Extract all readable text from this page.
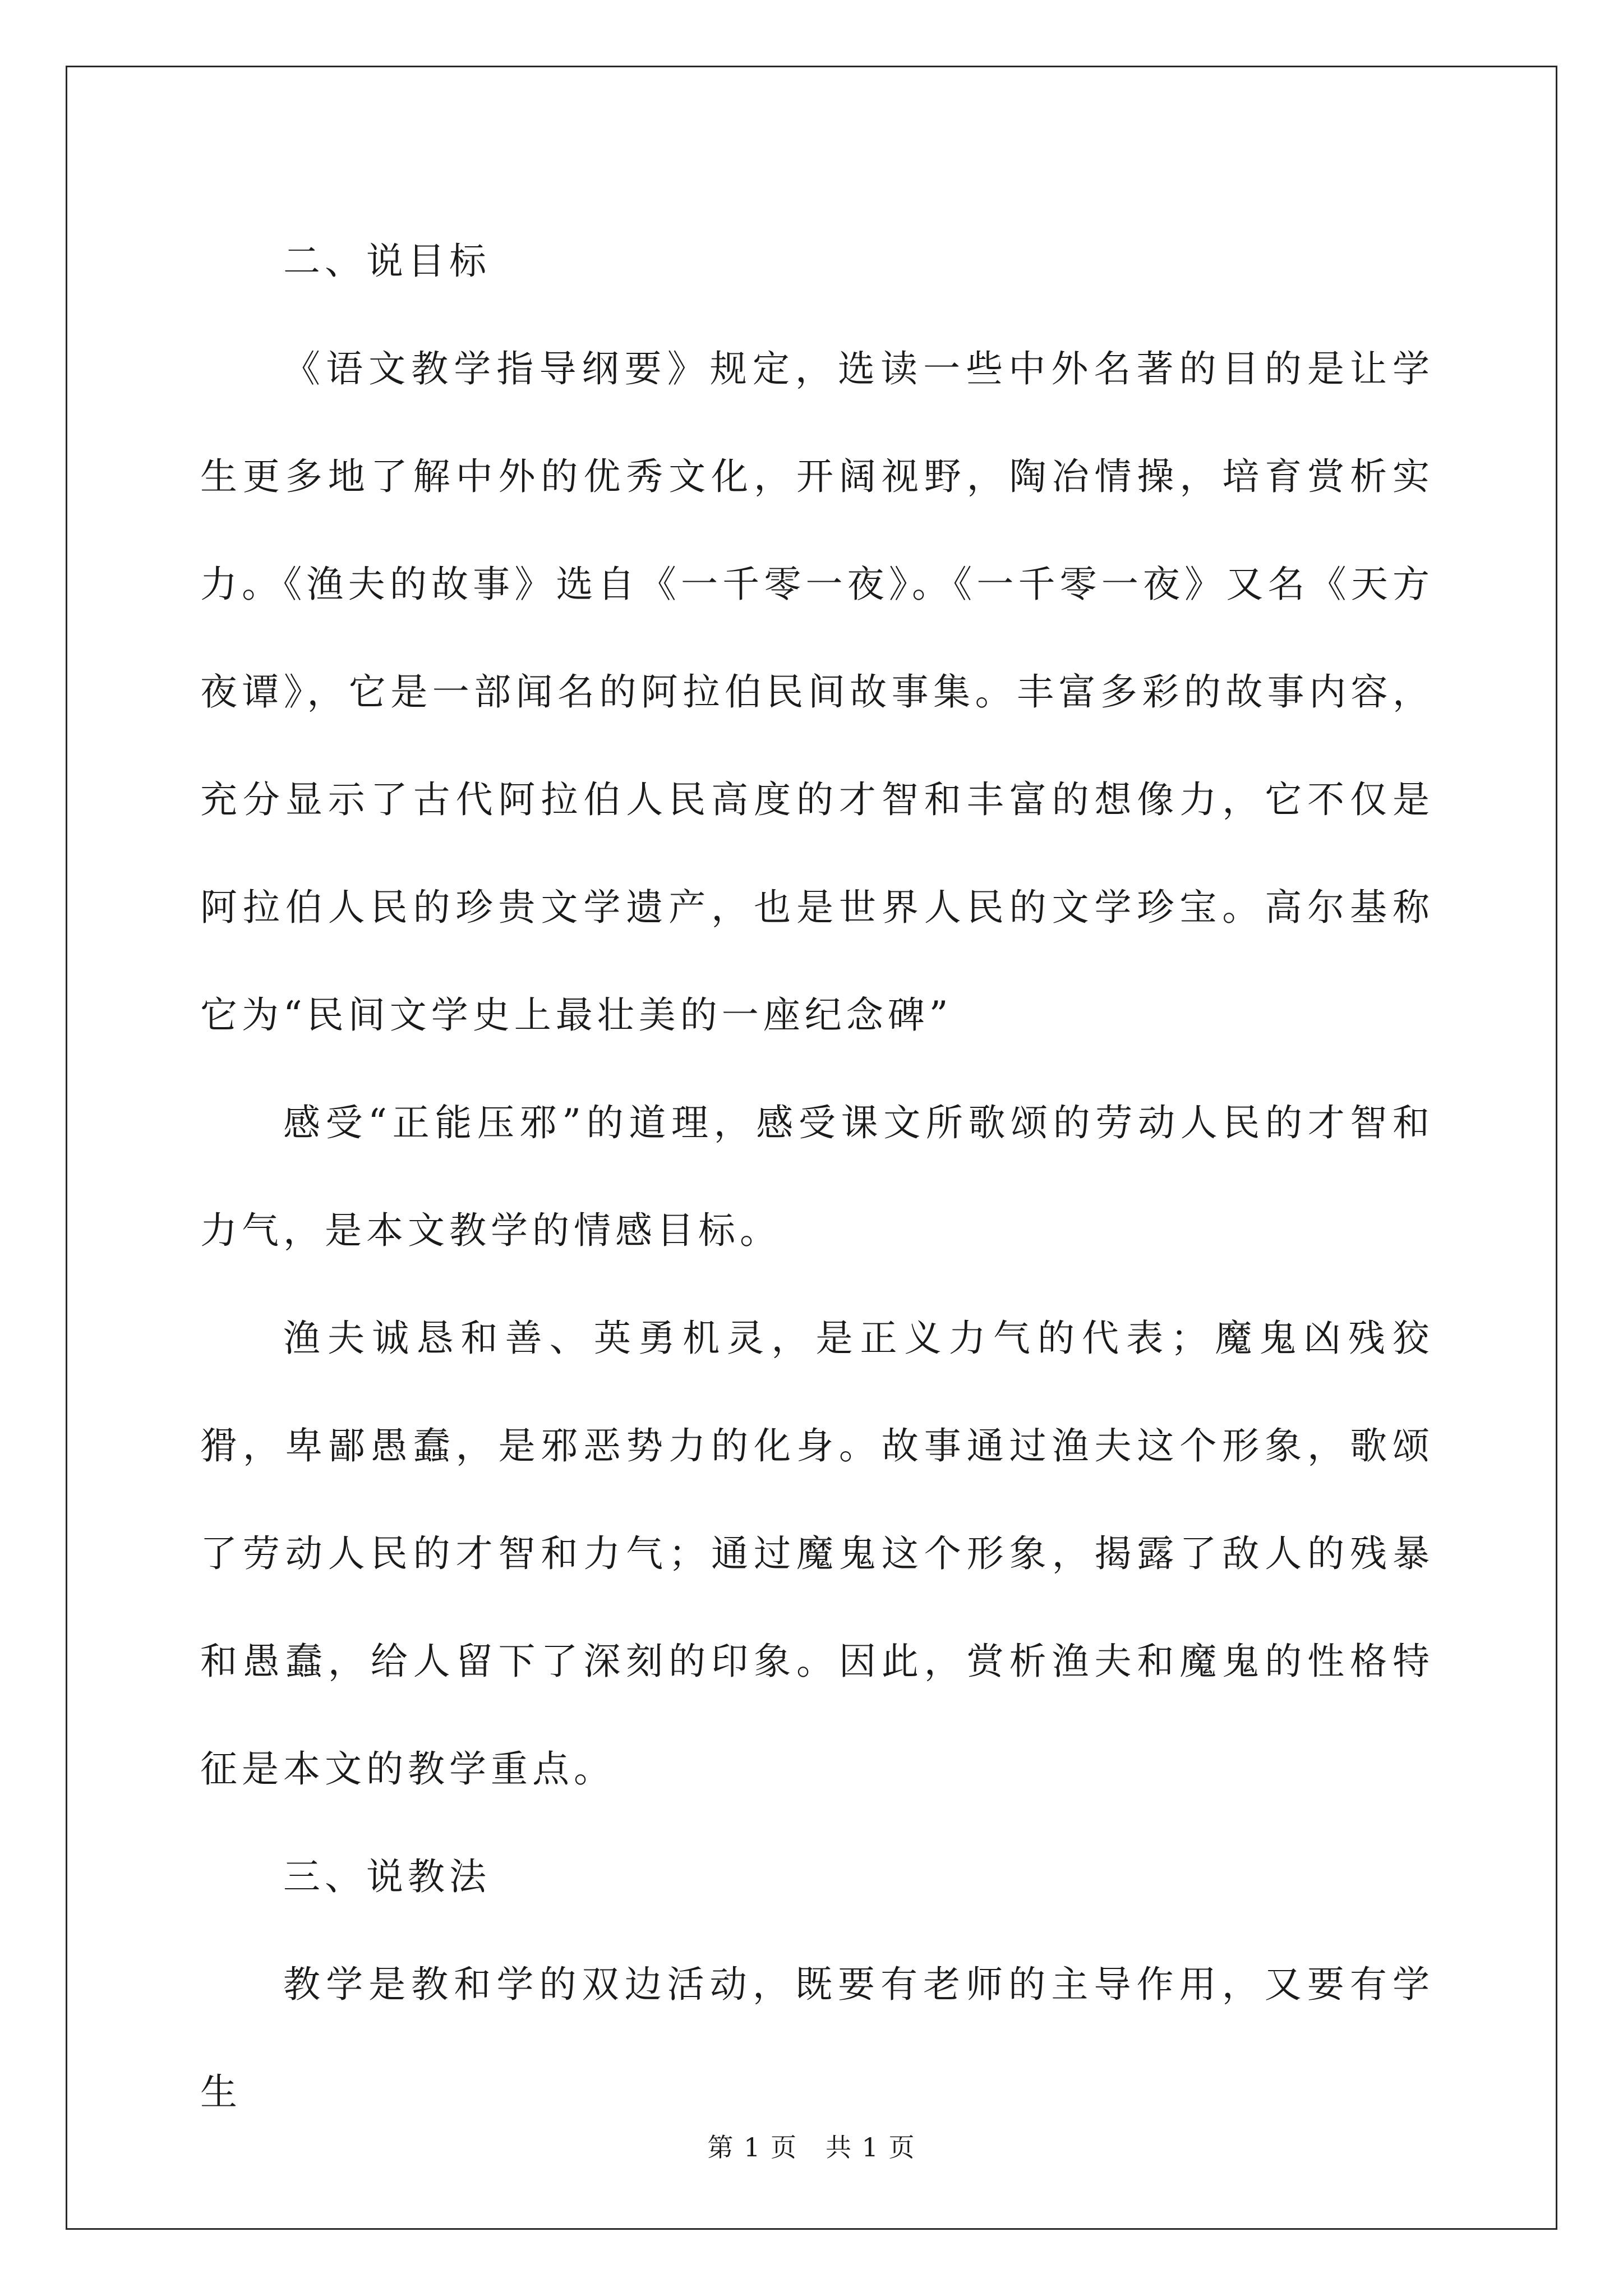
二、说目标

《语文教学指导纲要》规定，选读一些中外名著的目的是让学生更多地了解中外的优秀文化，开阔视野，陶冶情操，培育赏析实力。《渔夫的故事》选自《一千零一夜》。《一千零一夜》又名《天方夜谭》，它是一部闻名的阿拉伯民间故事集。丰富多彩的故事内容，充分显示了古代阿拉伯人民高度的才智和丰富的想像力，它不仅是阿拉伯人民的珍贵文学遗产，也是世界人民的文学珍宝。高尔基称它为“民间文学史上最壮美的一座纪念碑”

感受“正能压邪”的道理，感受课文所歌颂的劳动人民的才智和力气，是本文教学的情感目标。

渔夫诚恳和善、英勇机灵，是正义力气的代表；魔鬼凶残狡猾，卑鄙愚蠢，是邪恶势力的化身。故事通过渔夫这个形象，歌颂了劳动人民的才智和力气；通过魔鬼这个形象，揭露了敌人的残暴和愚蠢，给人留下了深刻的印象。因此，赏析渔夫和魔鬼的性格特征是本文的教学重点。

三、说教法

教学是教和学的双边活动，既要有老师的主导作用，又要有学生

第 1 页 共 1 页
